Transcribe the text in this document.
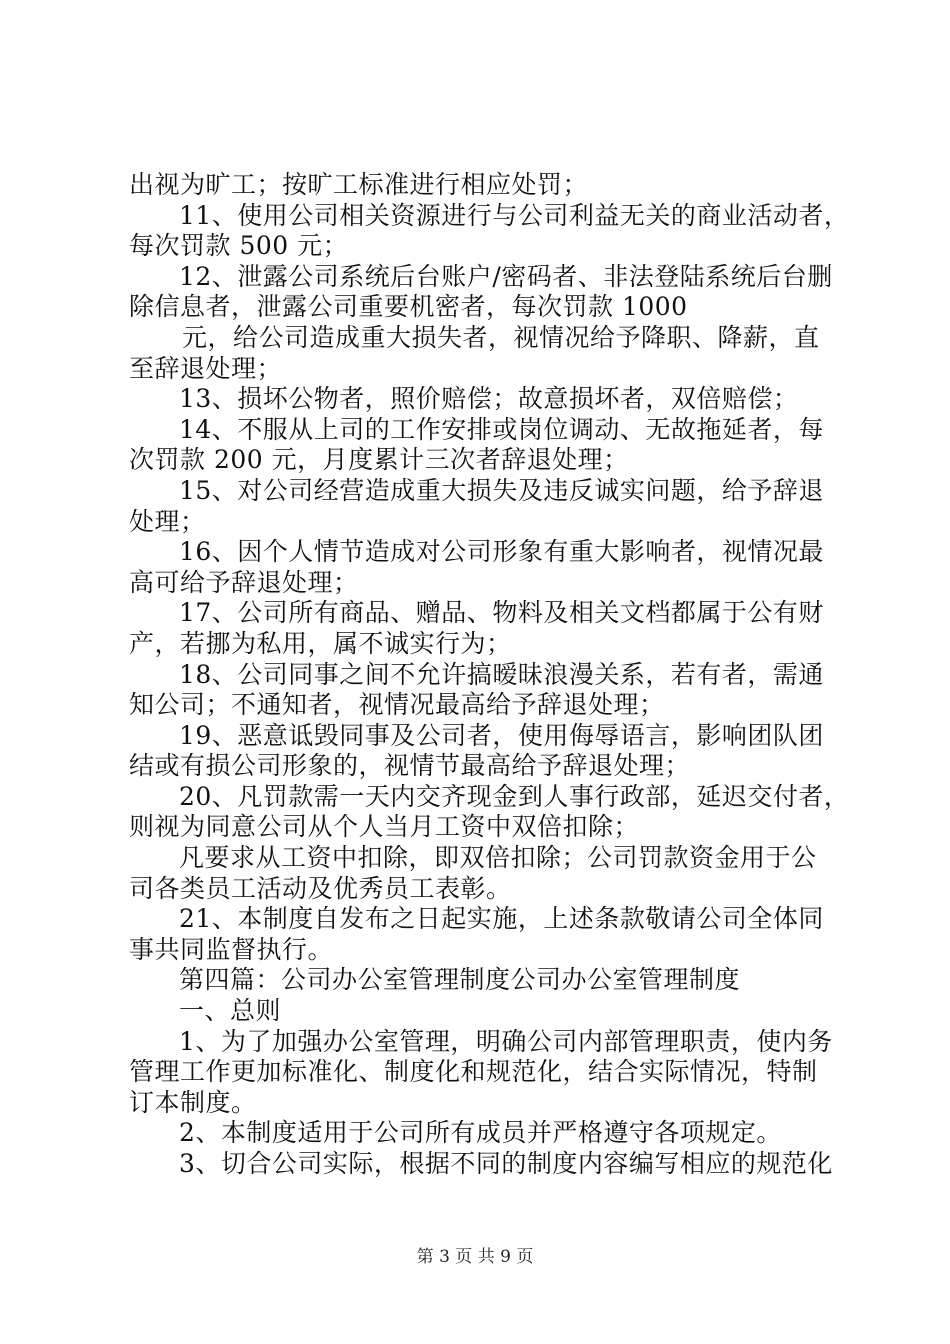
出视为旷工；按旷工标准进行相应处罚；

11、使用公司相关资源进行与公司利益无关的商业活动者，

每次罚款 500 元；

12、泄露公司系统后台账户/密码者、非法登陆系统后台删

除信息者，泄露公司重要机密者，每次罚款 1000

元，给公司造成重大损失者，视情况给予降职、降薪，直

至辞退处理；

13、损坏公物者，照价赔偿；故意损坏者，双倍赔偿；

14、不服从上司的工作安排或岗位调动、无故拖延者，每

次罚款 200 元，月度累计三次者辞退处理；

15、对公司经营造成重大损失及违反诚实问题，给予辞退

处理；

16、因个人情节造成对公司形象有重大影响者，视情况最

高可给予辞退处理；

17、公司所有商品、赠品、物料及相关文档都属于公有财

产，若挪为私用，属不诚实行为；

18、公司同事之间不允许搞暧昧浪漫关系，若有者，需通

知公司；不通知者，视情况最高给予辞退处理；

19、恶意诋毁同事及公司者，使用侮辱语言，影响团队团

结或有损公司形象的，视情节最高给予辞退处理；

20、凡罚款需一天内交齐现金到人事行政部，延迟交付者，

则视为同意公司从个人当月工资中双倍扣除；

凡要求从工资中扣除，即双倍扣除；公司罚款资金用于公

司各类员工活动及优秀员工表彰。

21、本制度自发布之日起实施，上述条款敬请公司全体同

事共同监督执行。

第四篇：公司办公室管理制度公司办公室管理制度

一、总则

1、为了加强办公室管理，明确公司内部管理职责，使内务

管理工作更加标准化、制度化和规范化，结合实际情况，特制

订本制度。

2、本制度适用于公司所有成员并严格遵守各项规定。

3、切合公司实际，根据不同的制度内容编写相应的规范化

第 3 页 共 9 页
